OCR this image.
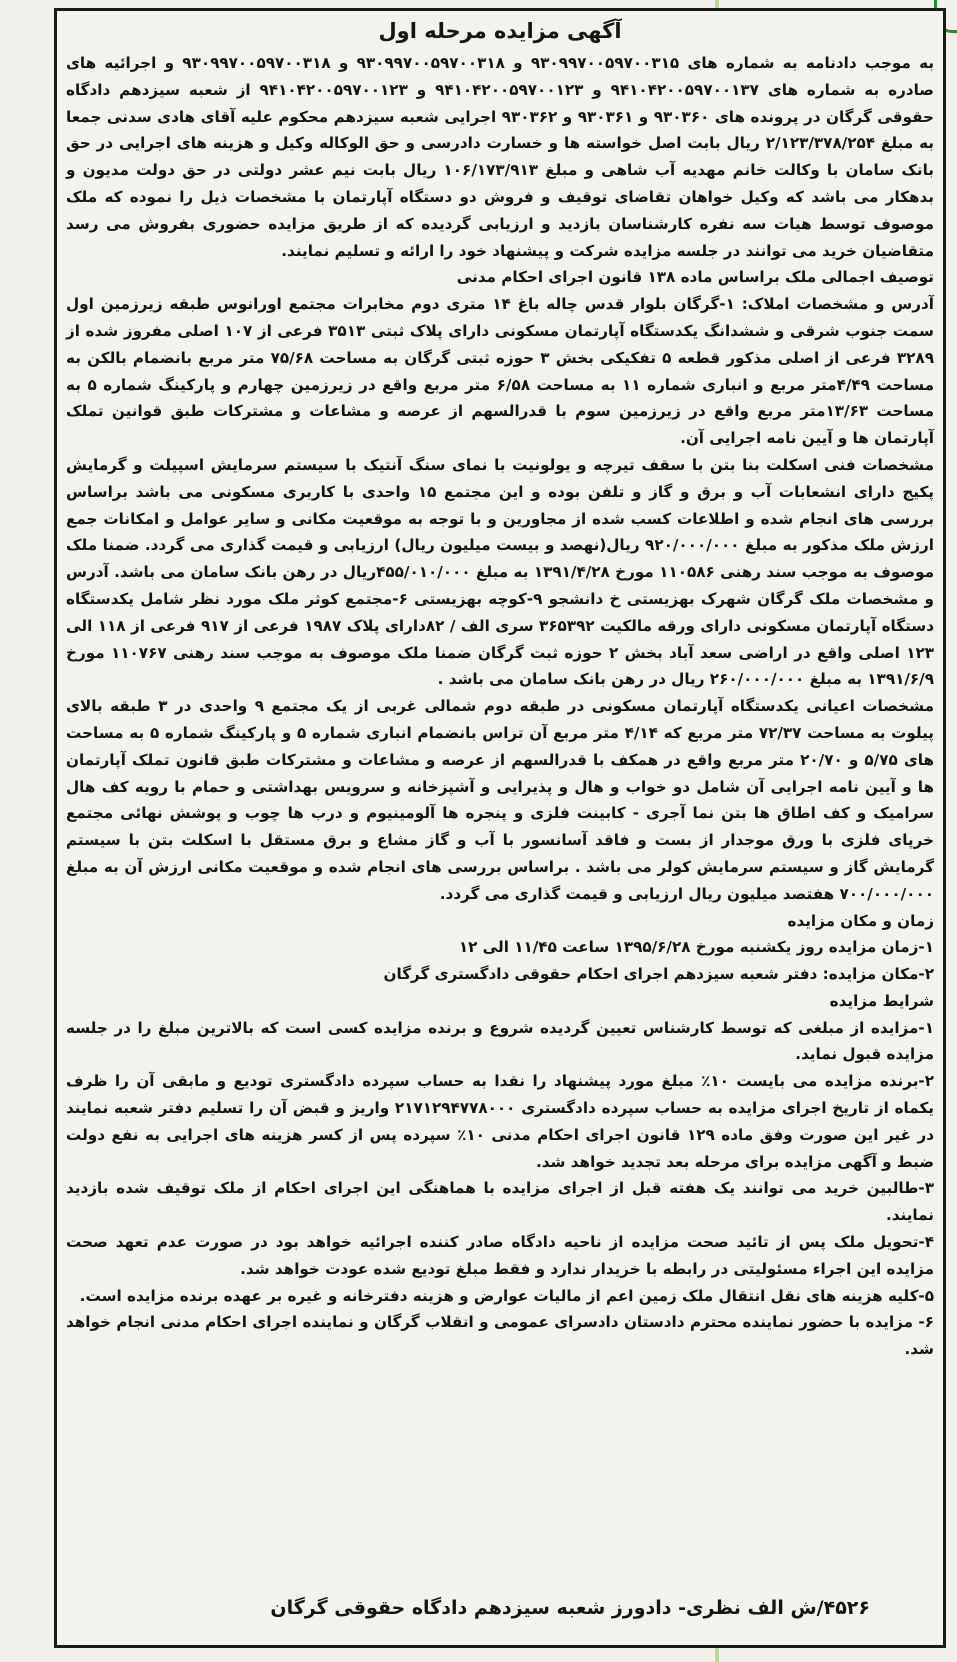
آگهی مزایده مرحله اول

به موجب دادنامه به شماره های ۹۳۰۹۹۷۰۰۵۹۷۰۰۳۱۵ و ۹۳۰۹۹۷۰۰۵۹۷۰۰۳۱۸ و ۹۳۰۹۹۷۰۰۵۹۷۰۰۳۱۸ و اجرائیه های صادره به شماره های ۹۴۱۰۴۲۰۰۵۹۷۰۰۱۳۷ و ۹۴۱۰۴۲۰۰۵۹۷۰۰۱۲۳ و ۹۴۱۰۴۲۰۰۵۹۷۰۰۱۲۳ از شعبه سیزدهم دادگاه حقوقی گرگان در پرونده های ۹۳۰۳۶۰ و ۹۳۰۳۶۱ و ۹۳۰۳۶۲ اجرایی شعبه سیزدهم محکوم علیه آقای هادی سدنی جمعا به مبلغ ۲/۱۲۳/۳۷۸/۲۵۴ ریال بابت اصل خواسته ها و خسارت دادرسی و حق الوکاله وکیل و هزینه های اجرایی در حق بانک سامان با وکالت خانم مهدیه آب شاهی و مبلغ ۱۰۶/۱۷۳/۹۱۳ ریال بابت نیم عشر دولتی در حق دولت مدیون و بدهکار می باشد که وکیل خواهان تقاضای توقیف و فروش دو دستگاه آپارتمان با مشخصات ذیل را نموده که ملک موصوف توسط هیات سه نفره کارشناسان بازدید و ارزیابی گردیده که از طریق مزایده حضوری بفروش می رسد متقاضیان خرید می توانند در جلسه مزایده شرکت و پیشنهاد خود را ارائه و تسلیم نمایند.

توصیف اجمالی ملک براساس ماده ۱۳۸ قانون اجرای احکام مدنی

آدرس و مشخصات املاک: ۱-گرگان بلوار قدس چاله باغ ۱۴ متری دوم مخابرات مجتمع اورانوس طبقه زیرزمین اول سمت جنوب شرقی و ششدانگ یکدستگاه آپارتمان مسکونی دارای پلاک ثبتی ۳۵۱۳ فرعی از ۱۰۷ اصلی مفروز شده از ۳۲۸۹ فرعی از اصلی مذکور قطعه ۵ تفکیکی بخش ۳ حوزه ثبتی گرگان به مساحت ۷۵/۶۸ متر مربع بانضمام بالکن به مساحت ۴/۴۹متر مربع و انباری شماره ۱۱ به مساحت ۶/۵۸ متر مربع واقع در زیرزمین چهارم و پارکینگ شماره ۵ به مساحت ۱۳/۶۳متر مربع واقع در زیرزمین سوم با قدرالسهم از عرصه و مشاعات و مشترکات طبق قوانین تملک آپارتمان ها و آیین نامه اجرایی آن.

مشخصات فنی اسکلت بنا بتن با سقف تیرچه و یولونیت با نمای سنگ آنتیک با سیستم سرمایش اسپیلت و گرمایش پکیج دارای انشعابات آب و برق و گاز و تلفن بوده و این مجتمع ۱۵ واحدی با کاربری مسکونی می باشد براساس بررسی های انجام شده و اطلاعات کسب شده از مجاورین و با توجه به موقعیت مکانی و سایر عوامل و امکانات جمع ارزش ملک مذکور به مبلغ ۹۲۰/۰۰۰/۰۰۰ ریال(نهصد و بیست میلیون ریال) ارزیابی و قیمت گذاری می گردد. ضمنا ملک موصوف به موجب سند رهنی ۱۱۰۵۸۶ مورخ ۱۳۹۱/۴/۲۸ به مبلغ ۴۵۵/۰۱۰/۰۰۰ریال در رهن بانک سامان می باشد. آدرس و مشخصات ملک گرگان شهرک بهزیستی خ دانشجو ۹-کوچه بهزیستی ۶-مجتمع کوثر ملک مورد نظر شامل یکدستگاه دستگاه آپارتمان مسکونی دارای ورقه مالکیت ۳۶۵۳۹۲ سری الف / ۸۲دارای پلاک ۱۹۸۷ فرعی از ۹۱۷ فرعی از ۱۱۸ الی ۱۲۳ اصلی واقع در اراضی سعد آباد بخش ۲ حوزه ثبت گرگان ضمنا ملک موصوف به موجب سند رهنی ۱۱۰۷۶۷ مورخ ۱۳۹۱/۶/۹ به مبلغ ۲۶۰/۰۰۰/۰۰۰ ریال در رهن بانک سامان می باشد .

مشخصات اعیانی یکدستگاه آپارتمان مسکونی در طبقه دوم شمالی غربی از یک مجتمع ۹ واحدی در ۳ طبقه بالای پیلوت به مساحت ۷۲/۳۷ متر مربع که ۴/۱۴ متر مربع آن تراس بانضمام انباری شماره ۵ و پارکینگ شماره ۵ به مساحت های ۵/۷۵ و ۲۰/۷۰ متر مربع واقع در همکف با قدرالسهم از عرصه و مشاعات و مشترکات طبق قانون تملک آپارتمان ها و آیین نامه اجرایی آن شامل دو خواب و هال و پذیرایی و آشپزخانه و سرویس بهداشتی و حمام با رویه کف هال سرامیک و کف اطاق ها بتن نما آجری - کابینت فلزی و پنجره ها آلومینیوم و درب ها چوب و پوشش نهائی مجتمع خرپای فلزی با ورق موجدار از بست و فاقد آسانسور با آب و گاز مشاع و برق مستقل با اسکلت بتن با سیستم گرمایش گاز و سیستم سرمایش کولر می باشد . براساس بررسی های انجام شده و موقعیت مکانی ارزش آن به مبلغ ۷۰۰/۰۰۰/۰۰۰ هفتصد میلیون ریال ارزیابی و قیمت گذاری می گردد.

زمان و مکان مزایده

۱-زمان مزایده روز یکشنبه مورخ ۱۳۹۵/۶/۲۸ ساعت ۱۱/۴۵ الی ۱۲

۲-مکان مزایده: دفتر شعبه سیزدهم اجرای احکام حقوقی دادگستری گرگان

شرایط مزایده

۱-مزایده از مبلغی که توسط کارشناس تعیین گردیده شروع و برنده مزایده کسی است که بالاترین مبلغ را در جلسه مزایده قبول نماید.

۲-برنده مزایده می بایست ۱۰٪ مبلغ مورد پیشنهاد را نقدا به حساب سپرده دادگستری تودیع و مابقی آن را ظرف یکماه از تاریخ اجرای مزایده به حساب سپرده دادگستری ۲۱۷۱۲۹۴۷۷۸۰۰۰ واریز و قبض آن را تسلیم دفتر شعبه نمایند در غیر این صورت وفق ماده ۱۲۹ قانون اجرای احکام مدنی ۱۰٪ سپرده پس از کسر هزینه های اجرایی به نفع دولت ضبط و آگهی مزایده برای مرحله بعد تجدید خواهد شد.

۳-طالبین خرید می توانند یک هفته قبل از اجرای مزایده با هماهنگی این اجرای احکام از ملک توقیف شده بازدید نمایند.

۴-تحویل ملک پس از تائید صحت مزایده از ناحیه دادگاه صادر کننده اجرائیه خواهد بود در صورت عدم تعهد صحت مزایده این اجراء مسئولیتی در رابطه با خریدار ندارد و فقط مبلغ تودیع شده عودت خواهد شد.

۵-کلیه هزینه های نقل انتقال ملک زمین اعم از مالیات عوارض و هزینه دفترخانه و غیره بر عهده برنده مزایده است.

۶- مزایده با حضور نماینده محترم دادستان دادسرای عمومی و انقلاب گرگان و نماینده اجرای احکام مدنی انجام خواهد شد.

۴۵۲۶/ش الف نظری- دادورز شعبه سیزدهم دادگاه حقوقی گرگان
